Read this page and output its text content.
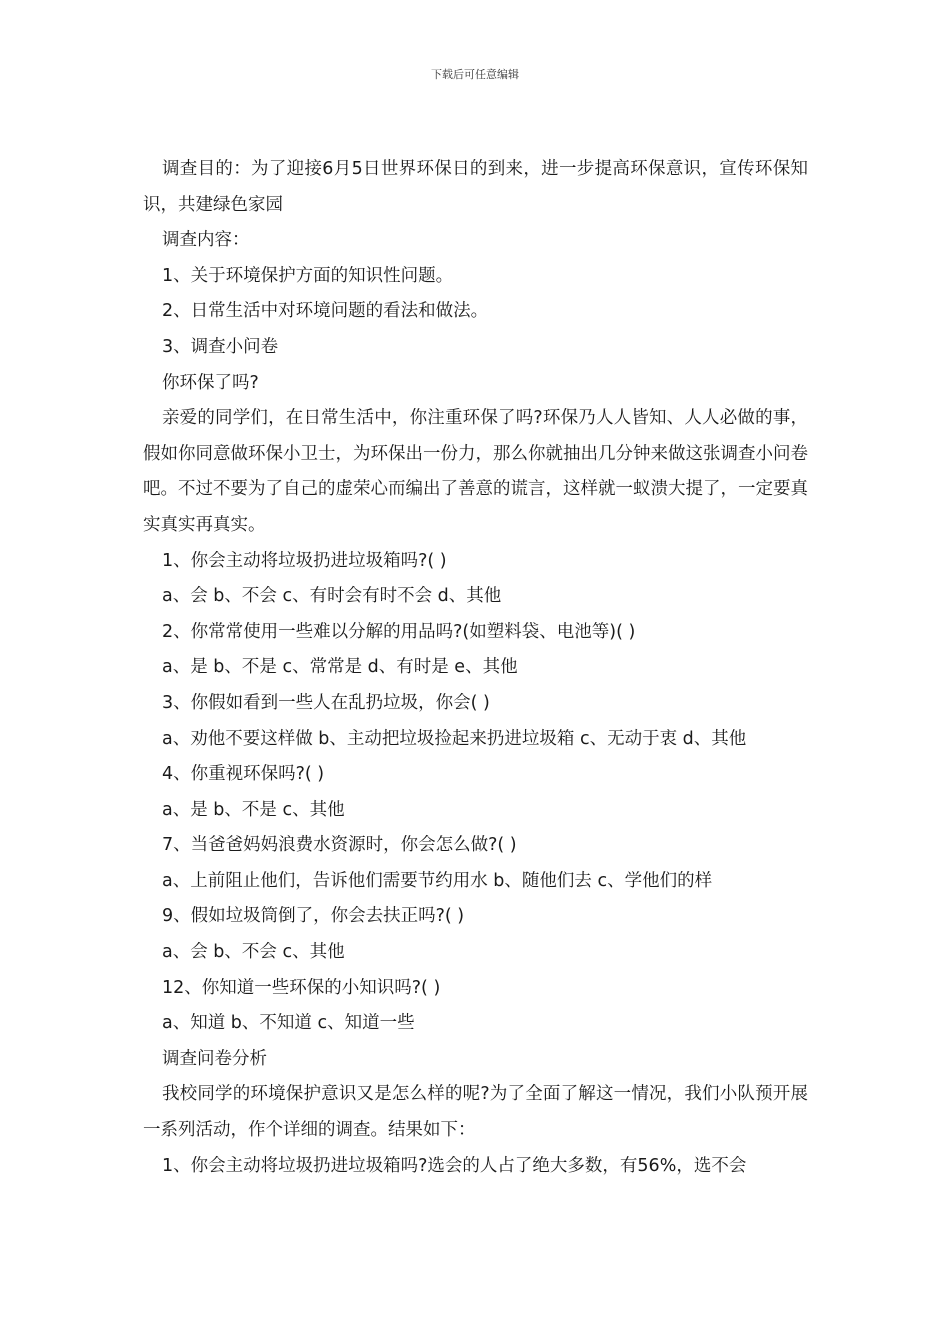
下载后可任意编辑

调查目的：为了迎接6月5日世界环保日的到来，进一步提高环保意识，宣传环保知识，共建绿色家园

调查内容：
1、关于环境保护方面的知识性问题。
2、日常生活中对环境问题的看法和做法。
3、调查小问卷
你环保了吗?

亲爱的同学们，在日常生活中，你注重环保了吗?环保乃人人皆知、人人必做的事，假如你同意做环保小卫士，为环保出一份力，那么你就抽出几分钟来做这张调查小问卷吧。不过不要为了自己的虚荣心而编出了善意的谎言，这样就一蚁溃大提了，一定要真实真实再真实。

1、你会主动将垃圾扔进垃圾箱吗?( )
a、会 b、不会 c、有时会有时不会 d、其他
2、你常常使用一些难以分解的用品吗?(如塑料袋、电池等)( )
a、是 b、不是 c、常常是 d、有时是 e、其他
3、你假如看到一些人在乱扔垃圾，你会( )
a、劝他不要这样做 b、主动把垃圾捡起来扔进垃圾箱 c、无动于衷 d、其他
4、你重视环保吗?( )
a、是 b、不是 c、其他
7、当爸爸妈妈浪费水资源时，你会怎么做?( )
a、上前阻止他们，告诉他们需要节约用水 b、随他们去 c、学他们的样
9、假如垃圾筒倒了，你会去扶正吗?( )
a、会 b、不会 c、其他
12、你知道一些环保的小知识吗?( )
a、知道 b、不知道 c、知道一些
调查问卷分析

我校同学的环境保护意识又是怎么样的呢?为了全面了解这一情况，我们小队预开展一系列活动，作个详细的调查。结果如下：

1、你会主动将垃圾扔进垃圾箱吗?选会的人占了绝大多数，有56%，选不会
